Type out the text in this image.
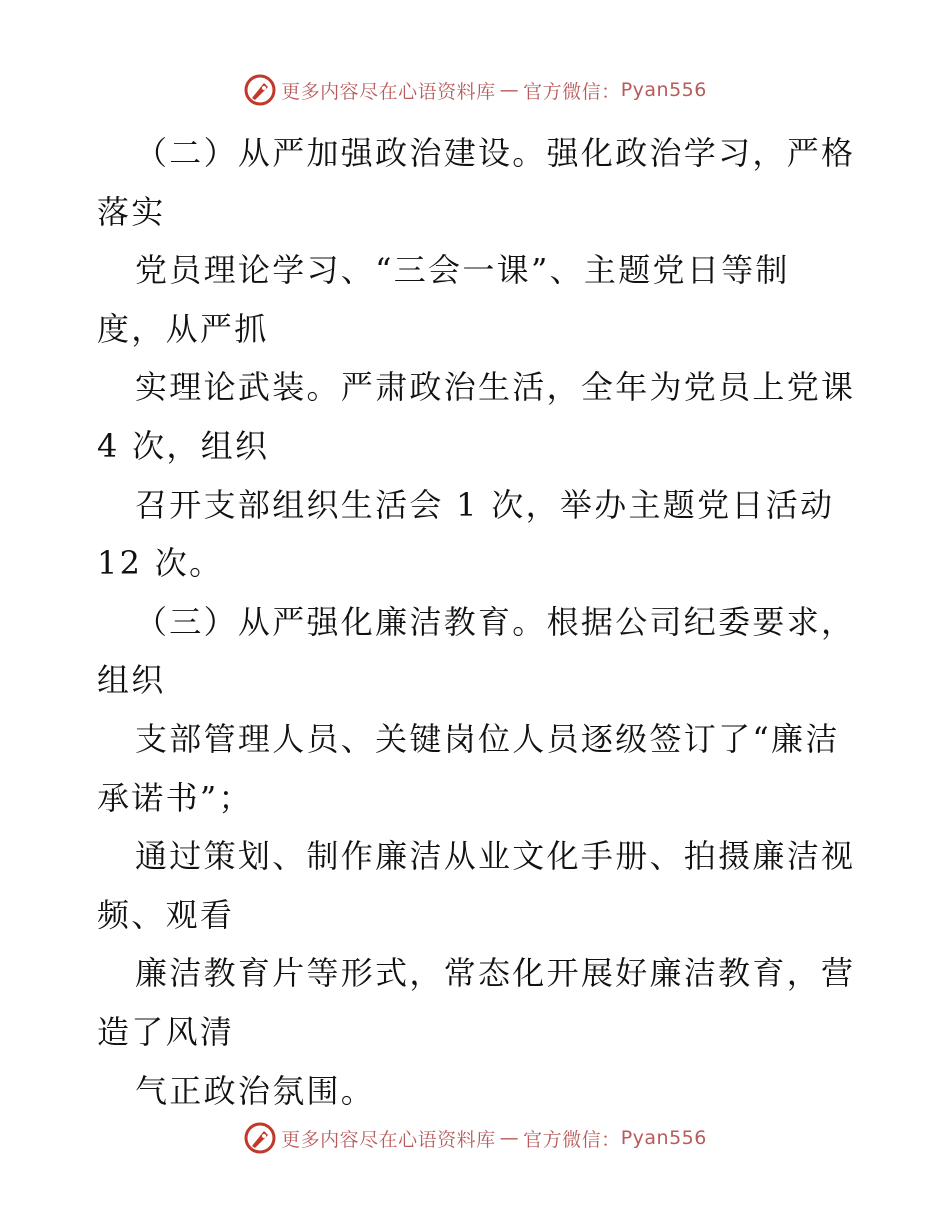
更多内容尽在心语资料库 — 官方微信： Pyan556
（二）从严加强政治建设。强化政治学习，严格
落实
党员理论学习、“三会一课”、主题党日等制
度，从严抓
实理论武装。严肃政治生活，全年为党员上党课
4 次，组织
召开支部组织生活会 1 次，举办主题党日活动
12 次。
（三）从严强化廉洁教育。根据公司纪委要求，
组织
支部管理人员、关键岗位人员逐级签订了“廉洁
承诺书”；
通过策划、制作廉洁从业文化手册、拍摄廉洁视
频、观看
廉洁教育片等形式，常态化开展好廉洁教育，营
造了风清
气正政治氛围。
更多内容尽在心语资料库 — 官方微信： Pyan556
